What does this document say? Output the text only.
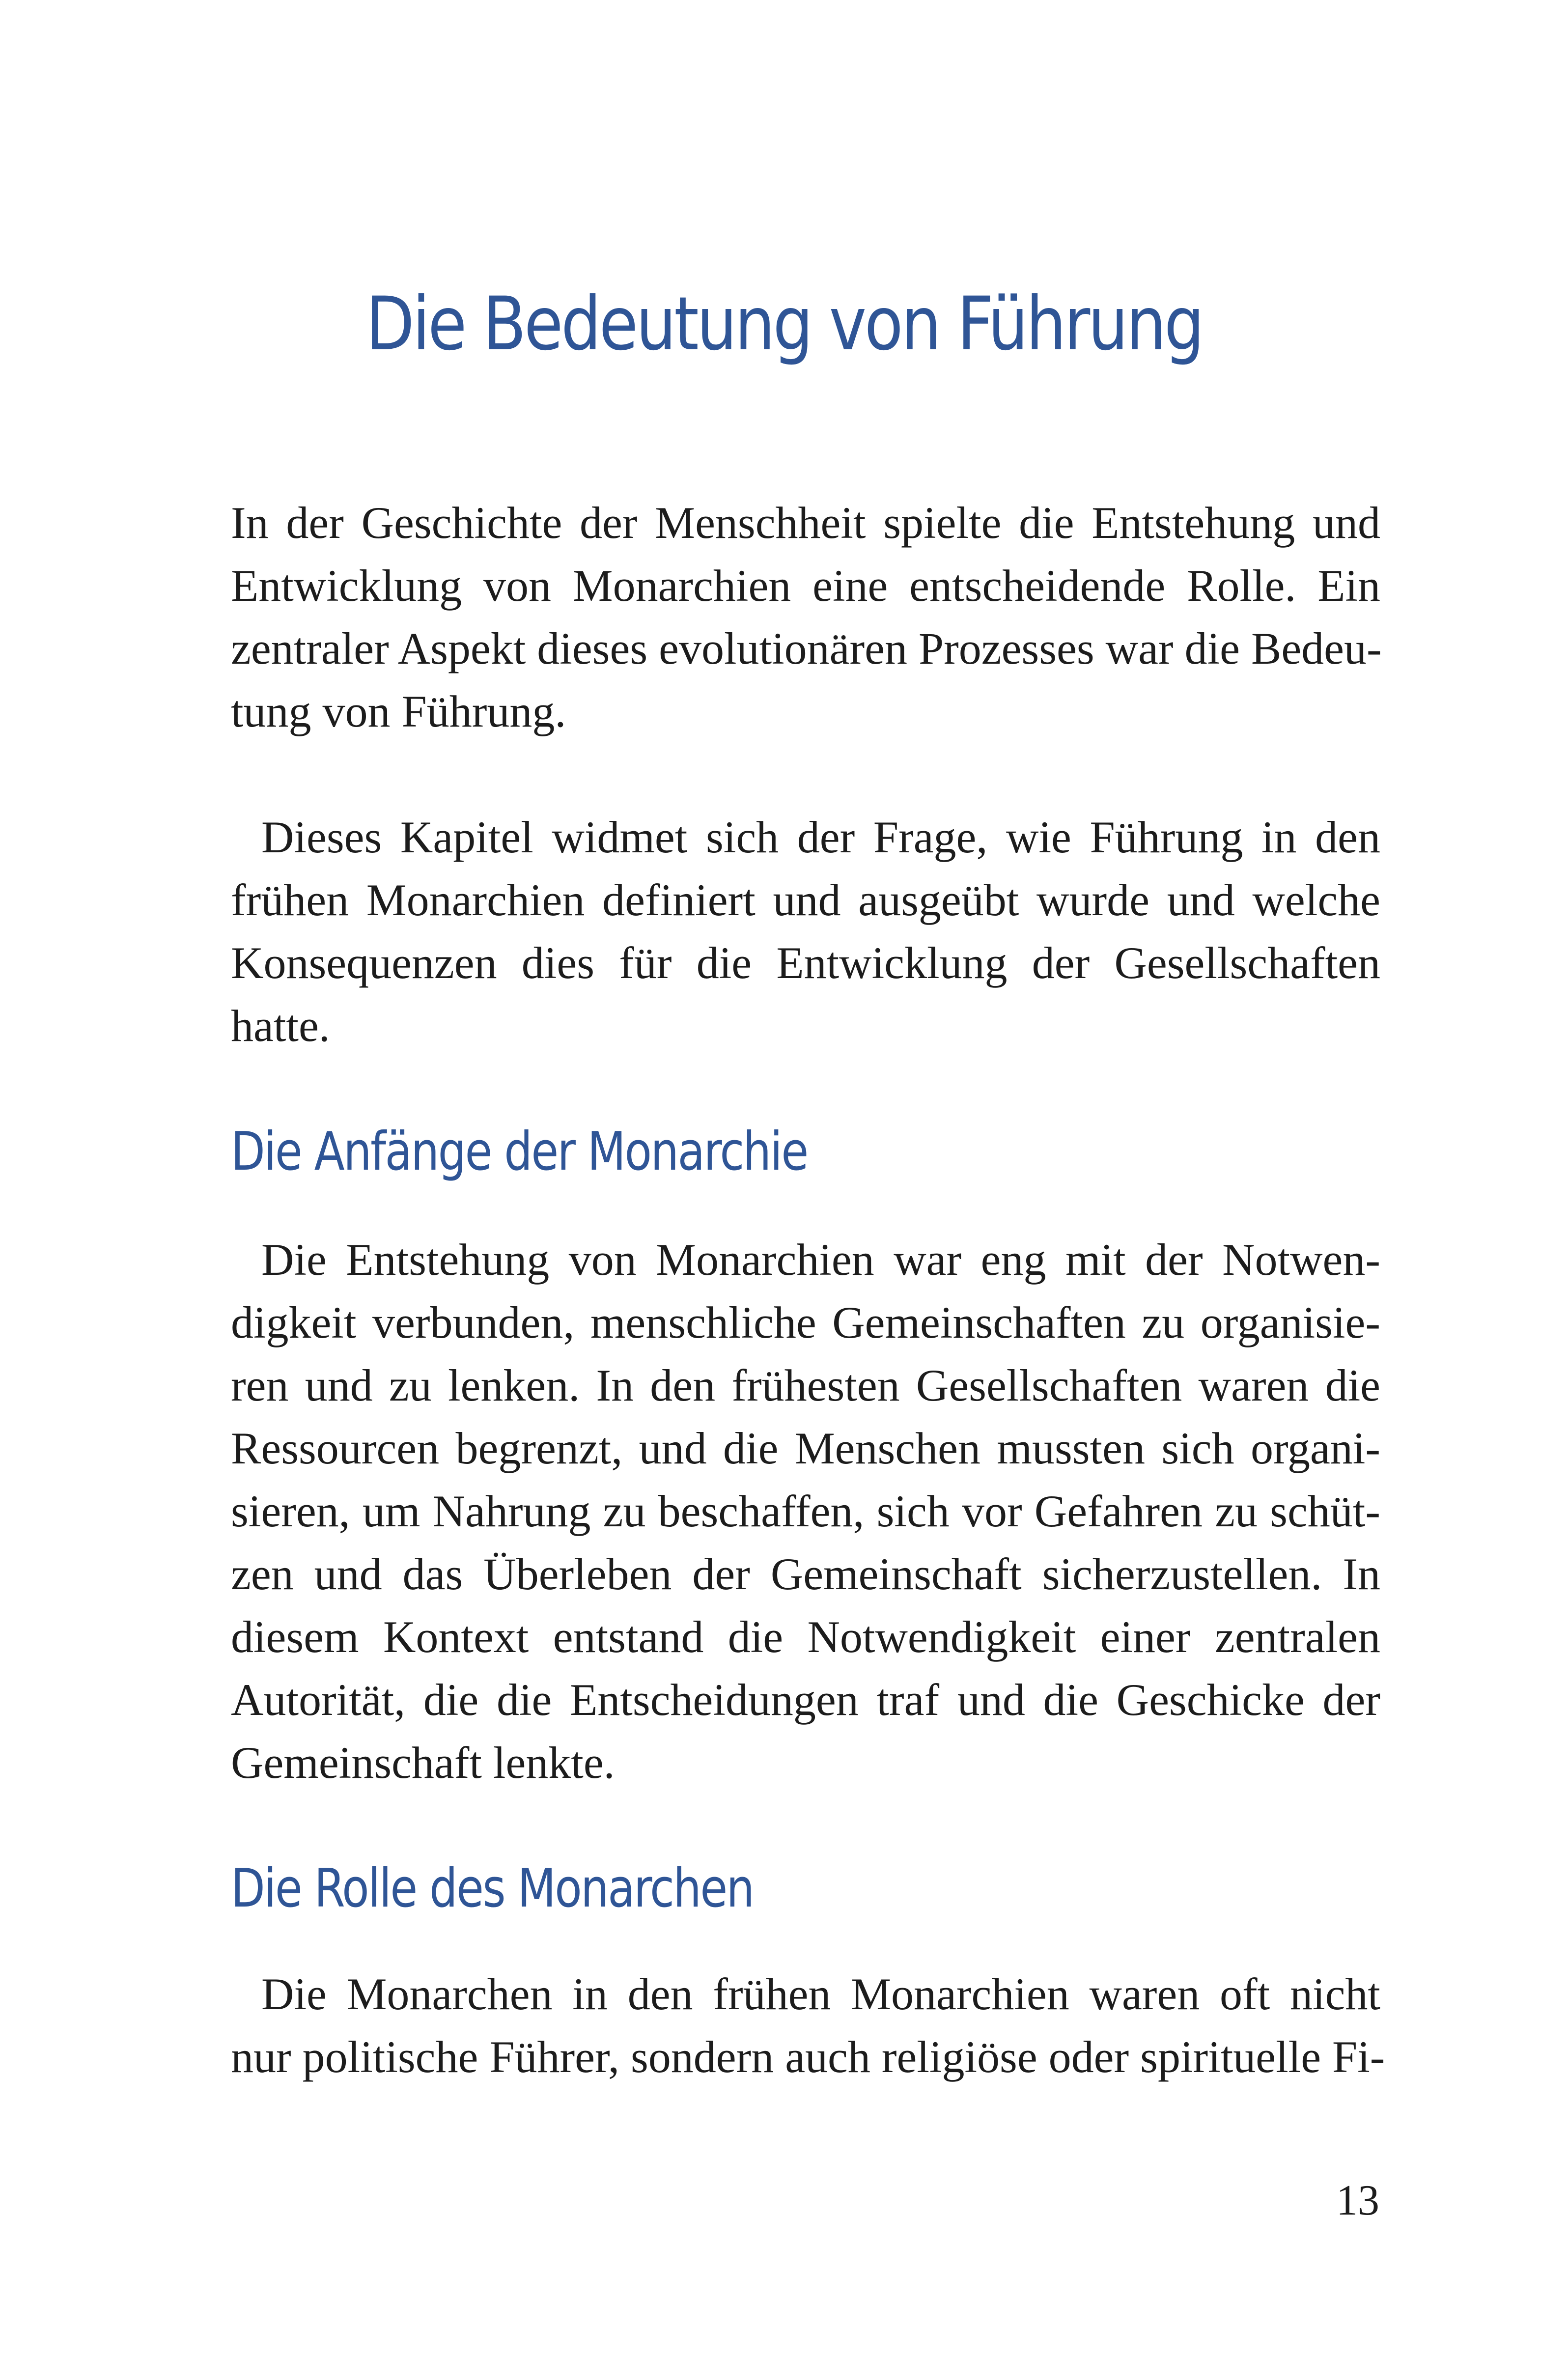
Die Bedeutung von Führung
In der Geschichte der Menschheit spielte die Entstehung und
Entwicklung von Monarchien eine entscheidende Rolle. Ein
zentraler Aspekt dieses evolutionären Prozesses war die Bedeu-
tung von Führung.
Dieses Kapitel widmet sich der Frage, wie Führung in den
frühen Monarchien definiert und ausgeübt wurde und welche
Konsequenzen dies für die Entwicklung der Gesellschaften
hatte.
Die Anfänge der Monarchie
Die Entstehung von Monarchien war eng mit der Notwen-
digkeit verbunden, menschliche Gemeinschaften zu organisie-
ren und zu lenken. In den frühesten Gesellschaften waren die
Ressourcen begrenzt, und die Menschen mussten sich organi-
sieren, um Nahrung zu beschaffen, sich vor Gefahren zu schüt-
zen und das Überleben der Gemeinschaft sicherzustellen. In
diesem Kontext entstand die Notwendigkeit einer zentralen
Autorität, die die Entscheidungen traf und die Geschicke der
Gemeinschaft lenkte.
Die Rolle des Monarchen
Die Monarchen in den frühen Monarchien waren oft nicht
nur politische Führer, sondern auch religiöse oder spirituelle Fi-
13
